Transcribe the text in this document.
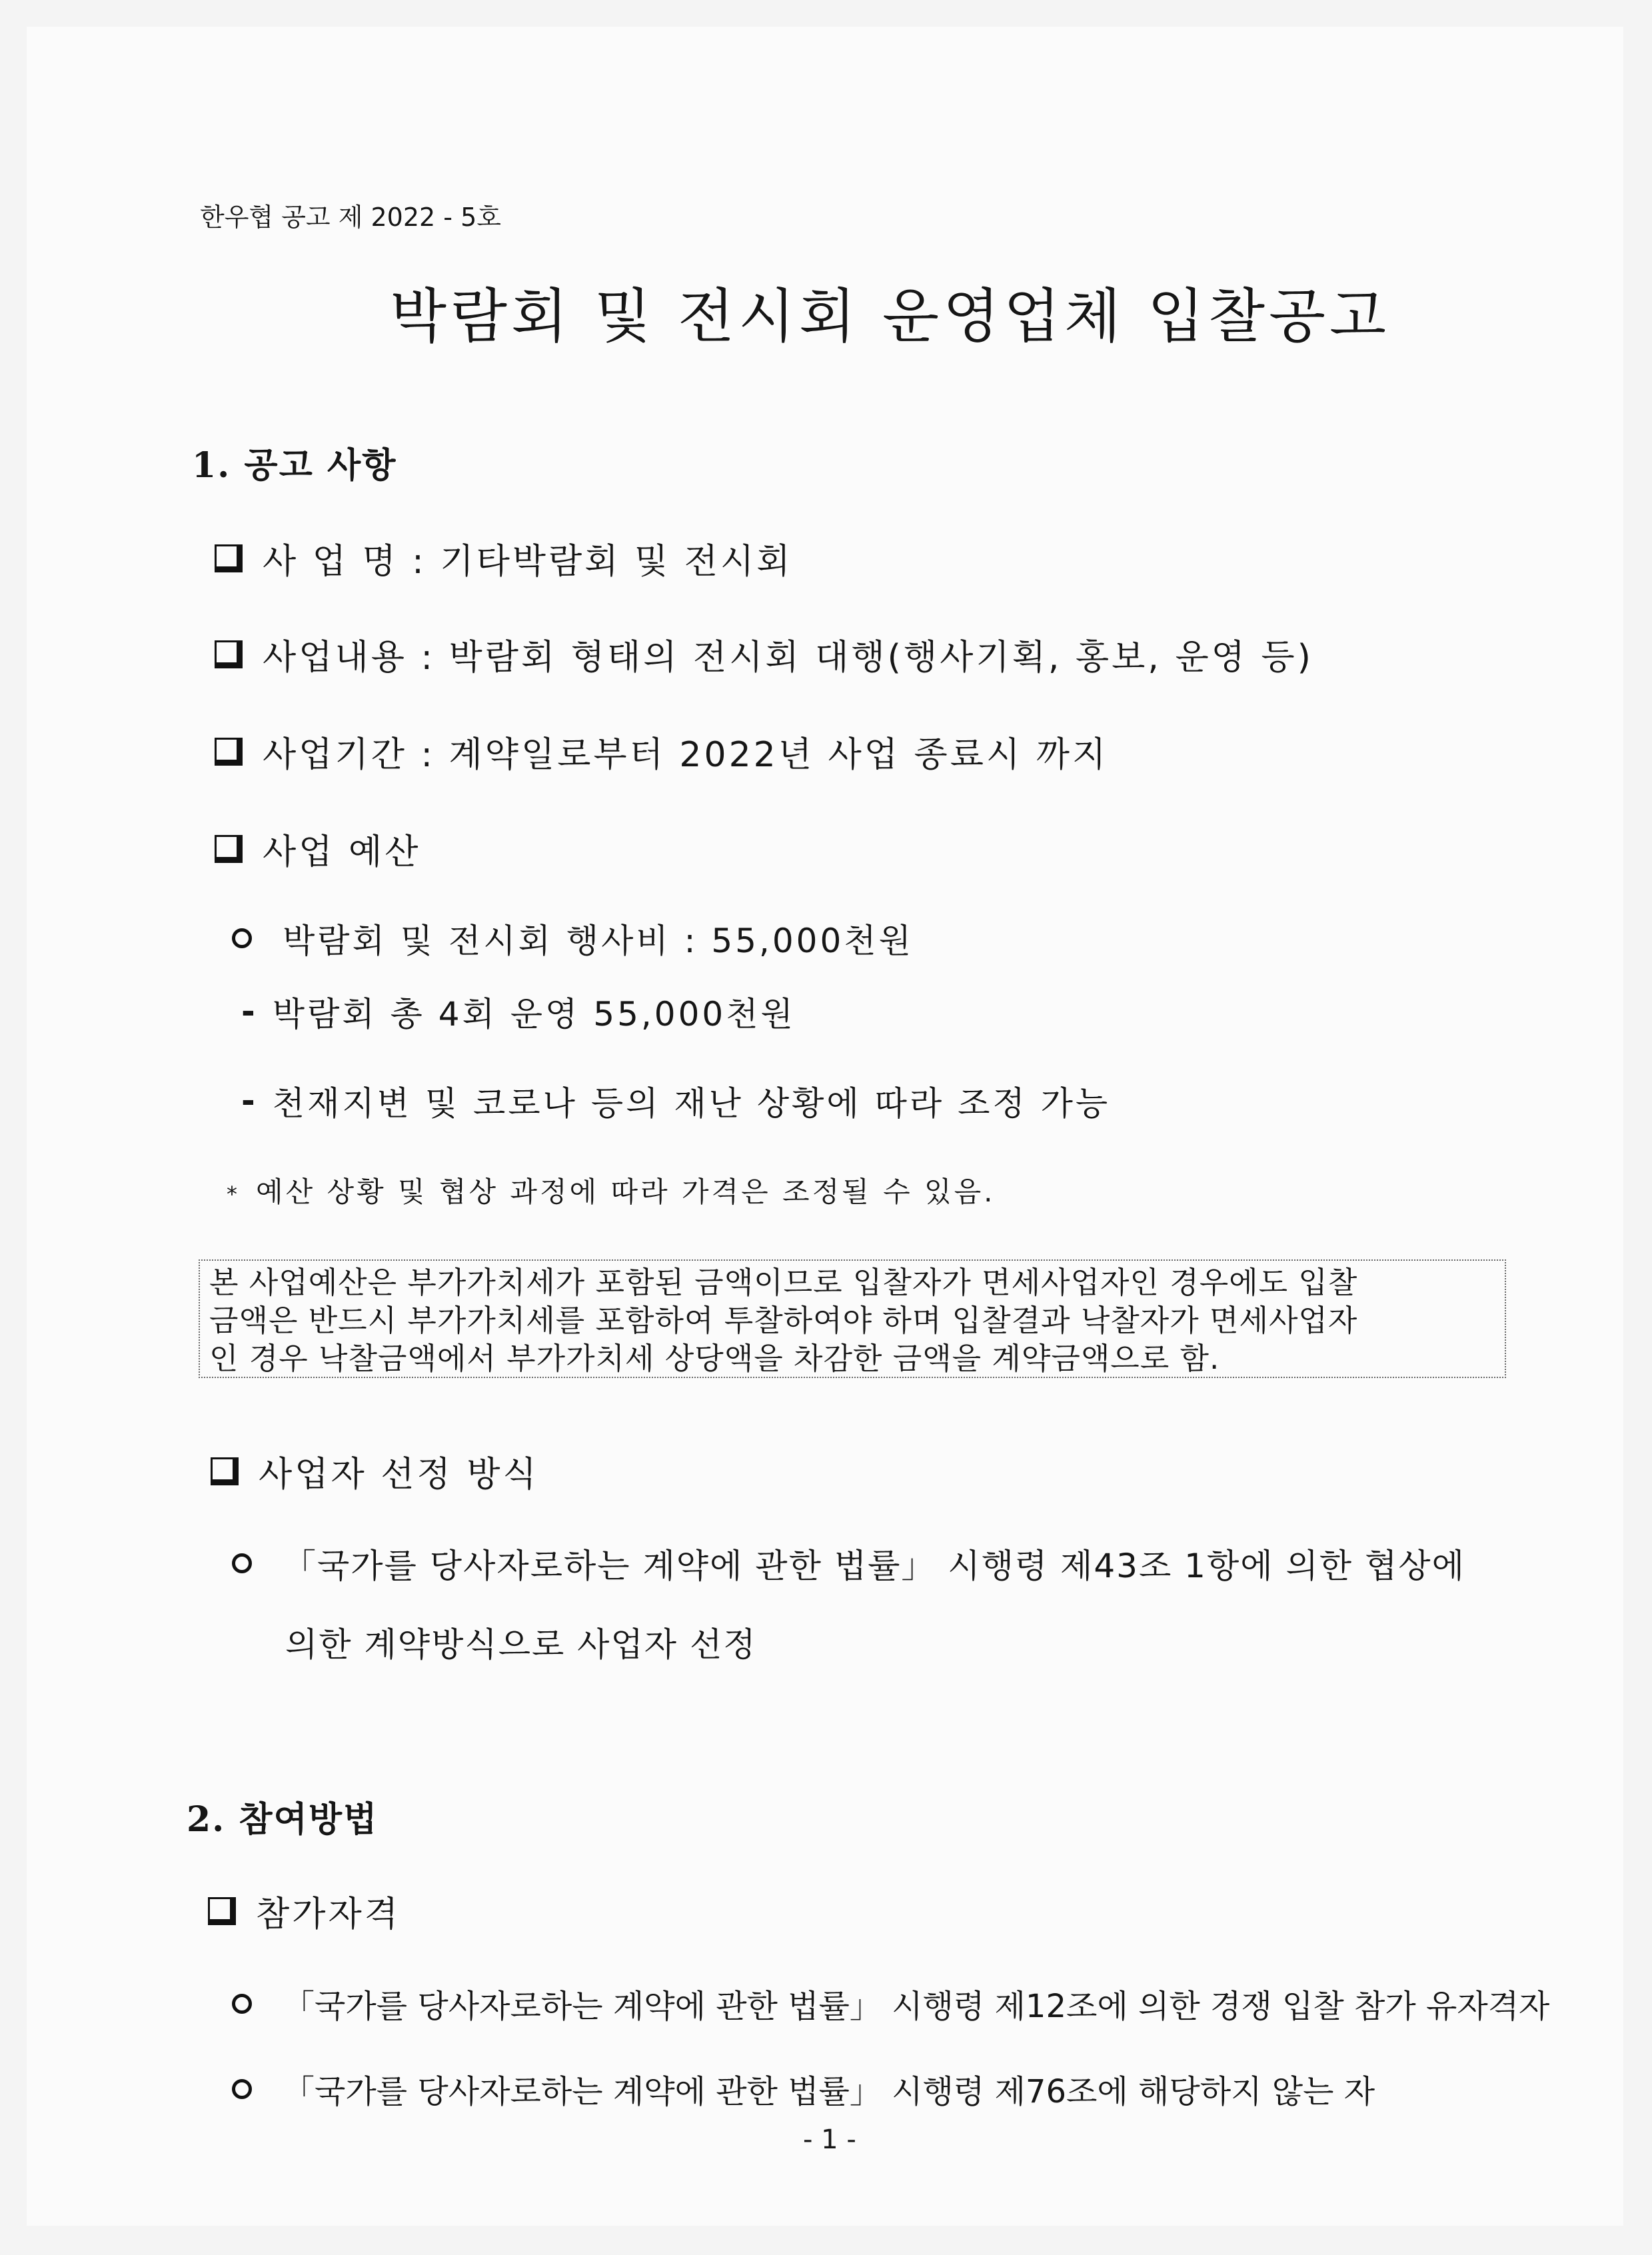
한우협 공고 제 2022 - 5호
박람회 및 전시회 운영업체 입찰공고
1. 공고 사항
사 업 명 : 기타박람회 및 전시회
사업내용 : 박람회 형태의 전시회 대행(행사기획, 홍보, 운영 등)
사업기간 : 계약일로부터 2022년 사업 종료시 까지
사업 예산
박람회 및 전시회 행사비 : 55,000천원
- 박람회 총 4회 운영 55,000천원
- 천재지변 및 코로나 등의 재난 상황에 따라 조정 가능
* 예산 상황 및 협상 과정에 따라 가격은 조정될 수 있음.
본 사업예산은 부가가치세가 포함된 금액이므로 입찰자가 면세사업자인 경우에도 입찰
금액은 반드시 부가가치세를 포함하여 투찰하여야 하며 입찰결과 낙찰자가 면세사업자
인 경우 낙찰금액에서 부가가치세 상당액을 차감한 금액을 계약금액으로 함.
사업자 선정 방식
「국가를 당사자로하는 계약에 관한 법률」 시행령 제43조 1항에 의한 협상에
의한 계약방식으로 사업자 선정
2. 참여방법
참가자격
「국가를 당사자로하는 계약에 관한 법률」 시행령 제12조에 의한 경쟁 입찰 참가 유자격자
「국가를 당사자로하는 계약에 관한 법률」 시행령 제76조에 해당하지 않는 자
- 1 -
